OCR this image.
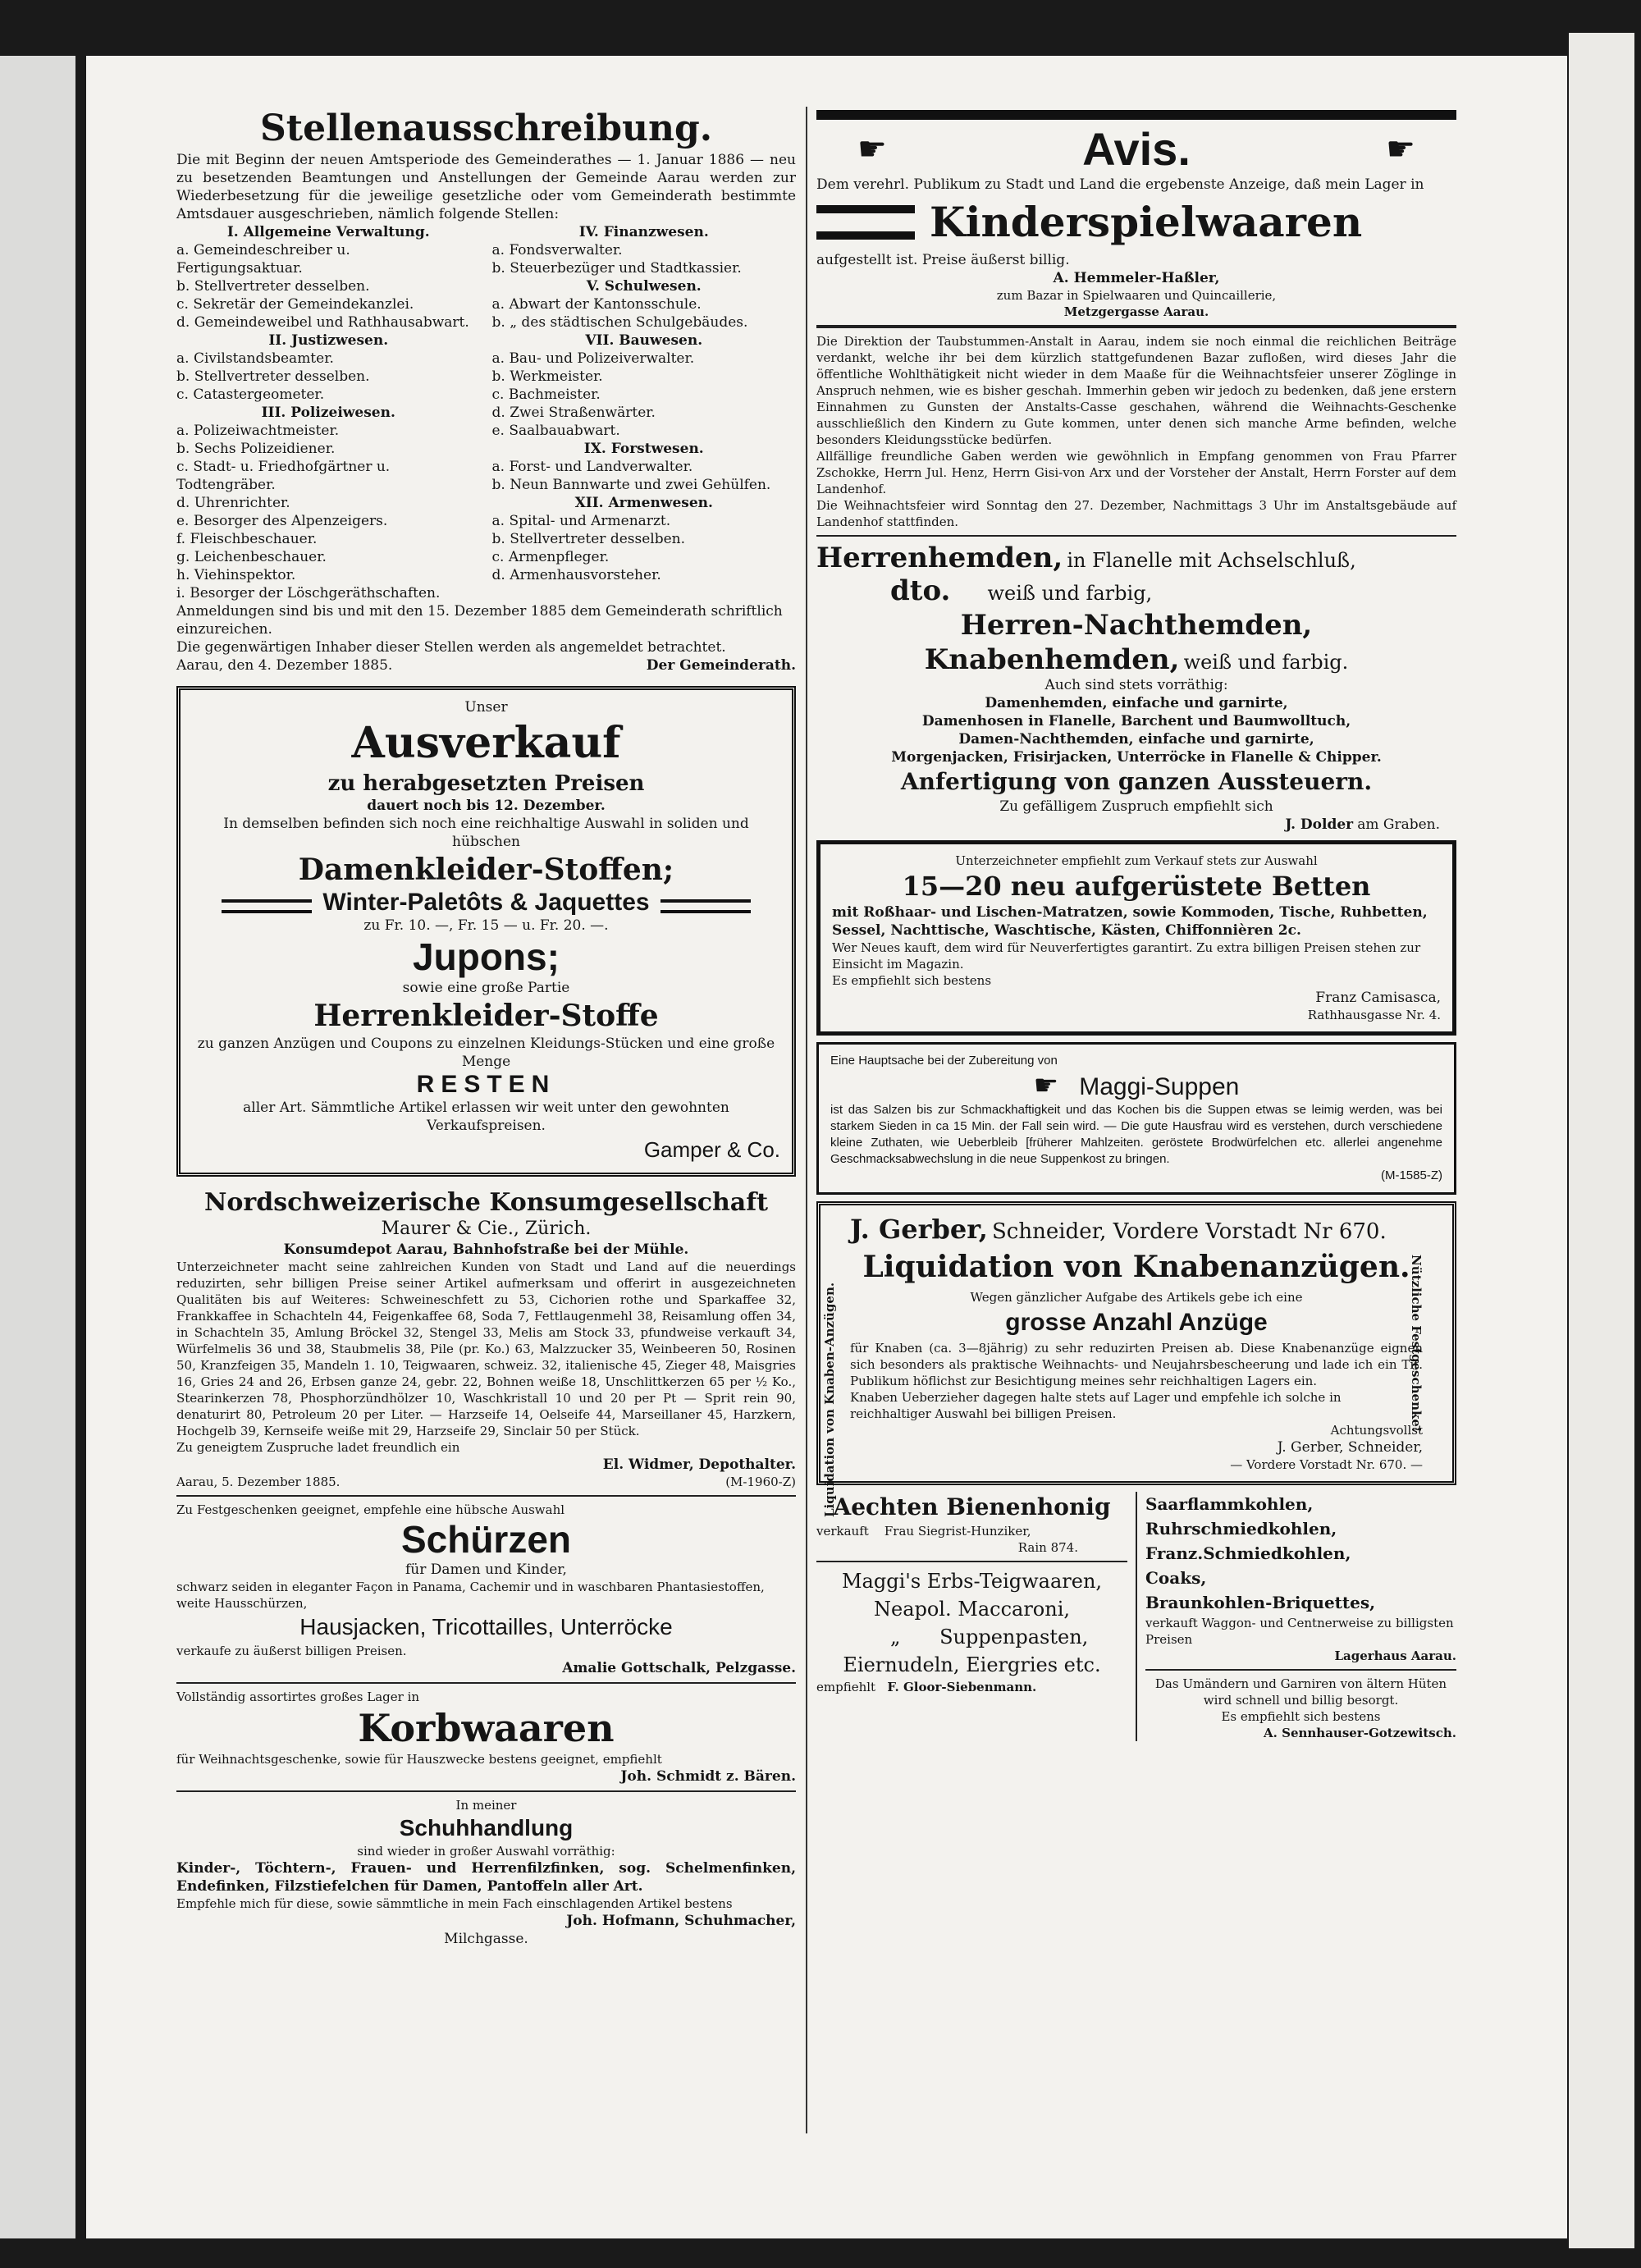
Stellenausschreibung.

Die mit Beginn der neuen Amtsperiode des Gemeinderathes — 1. Januar 1886 — neu zu besetzenden Beamtungen und Anstellungen der Gemeinde Aarau werden zur Wiederbesetzung für die jeweilige gesetzliche oder vom Gemeinderath bestimmte Amtsdauer ausgeschrieben, nämlich folgende Stellen:

I. Allgemeine Verwaltung.

a. Gemeindeschreiber u. Fertigungsaktuar.

b. Stellvertreter desselben.

c. Sekretär der Gemeindekanzlei.

d. Gemeindeweibel und Rathhausabwart.

II. Justizwesen.

a. Civilstandsbeamter.

b. Stellvertreter desselben.

c. Catastergeometer.

III. Polizeiwesen.

a. Polizeiwachtmeister.

b. Sechs Polizeidiener.

c. Stadt- u. Friedhofgärtner u. Todtengräber.

d. Uhrenrichter.

e. Besorger des Alpenzeigers.

f. Fleischbeschauer.

g. Leichenbeschauer.

h. Viehinspektor.

i. Besorger der Löschgeräthschaften.

IV. Finanzwesen.

a. Fondsverwalter.

b. Steuerbezüger und Stadtkassier.

V. Schulwesen.

a. Abwart der Kantonsschule.

b. „ des städtischen Schulgebäudes.

VII. Bauwesen.

a. Bau- und Polizeiverwalter.

b. Werkmeister.

c. Bachmeister.

d. Zwei Straßenwärter.

e. Saalbauabwart.

IX. Forstwesen.

a. Forst- und Landverwalter.

b. Neun Bannwarte und zwei Gehülfen.

XII. Armenwesen.

a. Spital- und Armenarzt.

b. Stellvertreter desselben.

c. Armenpfleger.

d. Armenhausvorsteher.

Anmeldungen sind bis und mit den 15. Dezember 1885 dem Gemeinderath schriftlich einzureichen.

Die gegenwärtigen Inhaber dieser Stellen werden als angemeldet betrachtet.

Aarau, den 4. Dezember 1885.	Der Gemeinderath.

Unser

Ausverkauf

zu herabgesetzten Preisen

dauert noch bis 12. Dezember.

In demselben befinden sich noch eine reichhaltige Auswahl in soliden und hübschen

Damenkleider-Stoffen;

Winter-Paletôts & Jaquettes

zu Fr. 10. —, Fr. 15 — u. Fr. 20. —.

Jupons;

sowie eine große Partie

Herrenkleider-Stoffe

zu ganzen Anzügen und Coupons zu einzelnen Kleidungs-Stücken und eine große Menge

RESTEN

aller Art. Sämmtliche Artikel erlassen wir weit unter den gewohnten Verkaufspreisen.

Gamper & Co.

Nordschweizerische Konsumgesellschaft

Maurer & Cie., Zürich.

Konsumdepot Aarau, Bahnhofstraße bei der Mühle.

Unterzeichneter macht seine zahlreichen Kunden von Stadt und Land auf die neuerdings reduzirten, sehr billigen Preise seiner Artikel aufmerksam und offerirt in ausgezeichneten Qualitäten bis auf Weiteres: Schweineschfett zu 53, Cichorien rothe und Sparkaffee 32, Frankkaffee in Schachteln 44, Feigenkaffee 68, Soda 7, Fettlaugenmehl 38, Reisamlung offen 34, in Schachteln 35, Amlung Bröckel 32, Stengel 33, Melis am Stock 33, pfundweise verkauft 34, Würfelmelis 36 und 38, Staubmelis 38, Pile (pr. Ko.) 63, Malzzucker 35, Weinbeeren 50, Rosinen 50, Kranzfeigen 35, Mandeln 1. 10, Teigwaaren, schweiz. 32, italienische 45, Zieger 48, Maisgries 16, Gries 24 and 26, Erbsen ganze 24, gebr. 22, Bohnen weiße 18, Unschlittkerzen 65 per ½ Ko., Stearinkerzen 78, Phosphorzündhölzer 10, Waschkristall 10 und 20 per Pt — Sprit rein 90, denaturirt 80, Petroleum 20 per Liter. — Harzseife 14, Oelseife 44, Marseillaner 45, Harzkern, Hochgelb 39, Kernseife weiße mit 29, Harzseife 29, Sinclair 50 per Stück.

Zu geneigtem Zuspruche ladet freundlich ein

El. Widmer, Depothalter.

Aarau, 5. Dezember 1885.	(M-1960-Z)

Zu Festgeschenken geeignet, empfehle eine hübsche Auswahl

Schürzen

für Damen und Kinder,

schwarz seiden in eleganter Façon in Panama, Cachemir und in waschbaren Phantasiestoffen, weite Hausschürzen,

Hausjacken, Tricottailles, Unterröcke

verkaufe zu äußerst billigen Preisen.

Amalie Gottschalk, Pelzgasse.

Vollständig assortirtes großes Lager in

Korbwaaren

für Weihnachtsgeschenke, sowie für Hauszwecke bestens geeignet, empfiehlt

Joh. Schmidt z. Bären.

In meiner

Schuhhandlung

sind wieder in großer Auswahl vorräthig:

Kinder-, Töchtern-, Frauen- und Herrenfilzfinken, sog. Schelmenfinken, Endefinken, Filzstiefelchen für Damen, Pantoffeln aller Art.

Empfehle mich für diese, sowie sämmtliche in mein Fach einschlagenden Artikel bestens

Joh. Hofmann, Schuhmacher,

Milchgasse.

☛	Avis.	☛

Dem verehrl. Publikum zu Stadt und Land die ergebenste Anzeige, daß mein Lager in

Kinderspielwaaren

aufgestellt ist. Preise äußerst billig.

A. Hemmeler-Haßler,

zum Bazar in Spielwaaren und Quincaillerie,

Metzgergasse Aarau.

Die Direktion der Taubstummen-Anstalt in Aarau, indem sie noch einmal die reichlichen Beiträge verdankt, welche ihr bei dem kürzlich stattgefundenen Bazar zufloßen, wird dieses Jahr die öffentliche Wohlthätigkeit nicht wieder in dem Maaße für die Weihnachtsfeier unserer Zöglinge in Anspruch nehmen, wie es bisher geschah. Immerhin geben wir jedoch zu bedenken, daß jene erstern Einnahmen zu Gunsten der Anstalts-Casse geschahen, während die Weihnachts-Geschenke ausschließlich den Kindern zu Gute kommen, unter denen sich manche Arme befinden, welche besonders Kleidungsstücke bedürfen.

Allfällige freundliche Gaben werden wie gewöhnlich in Empfang genommen von Frau Pfarrer Zschokke, Herrn Jul. Henz, Herrn Gisi-von Arx und der Vorsteher der Anstalt, Herrn Forster auf dem Landenhof.

Die Weihnachtsfeier wird Sonntag den 27. Dezember, Nachmittags 3 Uhr im Anstaltsgebäude auf Landenhof stattfinden.

Herrenhemden, in Flanelle mit Achselschluß,

dto. weiß und farbig,

Herren-Nachthemden,

Knabenhemden, weiß und farbig.

Auch sind stets vorräthig:

Damenhemden, einfache und garnirte,

Damenhosen in Flanelle, Barchent und Baumwolltuch,

Damen-Nachthemden, einfache und garnirte,

Morgenjacken, Frisirjacken, Unterröcke in Flanelle & Chipper.

Anfertigung von ganzen Aussteuern.

Zu gefälligem Zuspruch empfiehlt sich

J. Dolder am Graben.

Unterzeichneter empfiehlt zum Verkauf stets zur Auswahl

15—20 neu aufgerüstete Betten

mit Roßhaar- und Lischen-Matratzen, sowie Kommoden, Tische, Ruhbetten, Sessel, Nachttische, Waschtische, Kästen, Chiffonnièren 2c.

Wer Neues kauft, dem wird für Neuverfertigtes garantirt. Zu extra billigen Preisen stehen zur Einsicht im Magazin.

Es empfiehlt sich bestens

Franz Camisasca,

Rathhausgasse Nr. 4.

Eine Hauptsache bei der Zubereitung von

☛ Maggi-Suppen

ist das Salzen bis zur Schmackhaftigkeit und das Kochen bis die Suppen etwas se leimig werden, was bei starkem Sieden in ca 15 Min. der Fall sein wird. — Die gute Hausfrau wird es verstehen, durch verschiedene kleine Zuthaten, wie Ueberbleib [früherer Mahlzeiten. geröstete Brodwürfelchen etc. allerlei angenehme Geschmacksabwechslung in die neue Suppenkost zu bringen.

(M-1585-Z)

Liquidation von Knaben-Anzügen.	Nützliche Festgeschenke!

J. Gerber, Schneider, Vordere Vorstadt Nr 670.

Liquidation von Knabenanzügen.

Wegen gänzlicher Aufgabe des Artikels gebe ich eine

grosse Anzahl Anzüge

für Knaben (ca. 3—8jährig) zu sehr reduzirten Preisen ab. Diese Knabenanzüge eignen sich besonders als praktische Weihnachts- und Neujahrsbescheerung und lade ich ein Tit. Publikum höflichst zur Besichtigung meines sehr reichhaltigen Lagers ein.

Knaben Ueberzieher dagegen halte stets auf Lager und empfehle ich solche in reichhaltiger Auswahl bei billigen Preisen.

Achtungsvollst

J. Gerber, Schneider,

— Vordere Vorstadt Nr. 670. —

Aechten Bienenhonig

verkauft Frau Siegrist-Hunziker,

Rain 874.

Maggi's Erbs-Teigwaaren,

Neapol. Maccaroni,

„ Suppenpasten,

Eiernudeln, Eiergries etc.

empfiehlt F. Gloor-Siebenmann.

Saarflammkohlen,

Ruhrschmiedkohlen,

Franz.Schmiedkohlen,

Coaks,

Braunkohlen-Briquettes,

verkauft Waggon- und Centnerweise zu billigsten Preisen

Lagerhaus Aarau.

Das Umändern und Garniren von ältern Hüten wird schnell und billig besorgt.

Es empfiehlt sich bestens

A. Sennhauser-Gotzewitsch.
